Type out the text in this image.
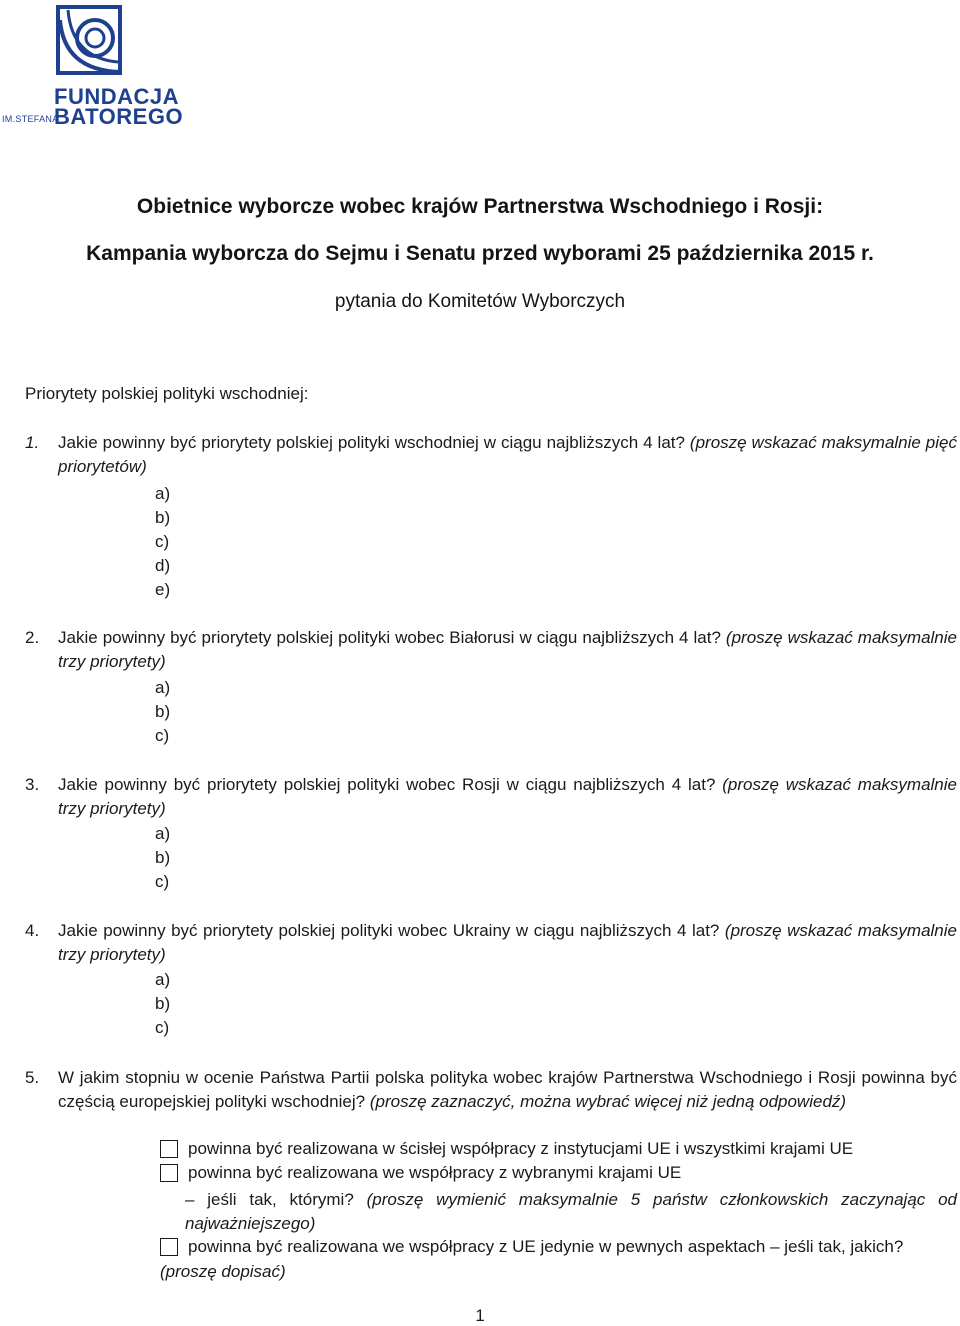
FUNDACJA
BATOREGO
IM.STEFANA
Obietnice wyborcze wobec krajów Partnerstwa Wschodniego i Rosji:
Kampania wyborcza do Sejmu i Senatu przed wyborami 25 października 2015 r.
pytania do Komitetów Wyborczych
Priorytety polskiej polityki wschodniej:
1. Jakie powinny być priorytety polskiej polityki wschodniej w ciągu najbliższych 4 lat? (proszę wskazać maksymalnie pięć priorytetów)
a)
b)
c)
d)
e)
2. Jakie powinny być priorytety polskiej polityki wobec Białorusi w ciągu najbliższych 4 lat? (proszę wskazać maksymalnie trzy priorytety)
a)
b)
c)
3. Jakie powinny być priorytety polskiej polityki wobec Rosji w ciągu najbliższych 4 lat? (proszę wskazać maksymalnie trzy priorytety)
a)
b)
c)
4. Jakie powinny być priorytety polskiej polityki wobec Ukrainy w ciągu najbliższych 4 lat? (proszę wskazać maksymalnie trzy priorytety)
a)
b)
c)
5. W jakim stopniu w ocenie Państwa Partii polska polityka wobec krajów Partnerstwa Wschodniego i Rosji powinna być częścią europejskiej polityki wschodniej? (proszę zaznaczyć, można wybrać więcej niż jedną odpowiedź)
powinna być realizowana w ścisłej współpracy z instytucjami UE i wszystkimi krajami UE
powinna być realizowana we współpracy z wybranymi krajami UE
– jeśli tak, którymi? (proszę wymienić maksymalnie 5 państw członkowskich zaczynając od najważniejszego)
powinna być realizowana we współpracy z UE jedynie w pewnych aspektach – jeśli tak, jakich?
(proszę dopisać)
1
